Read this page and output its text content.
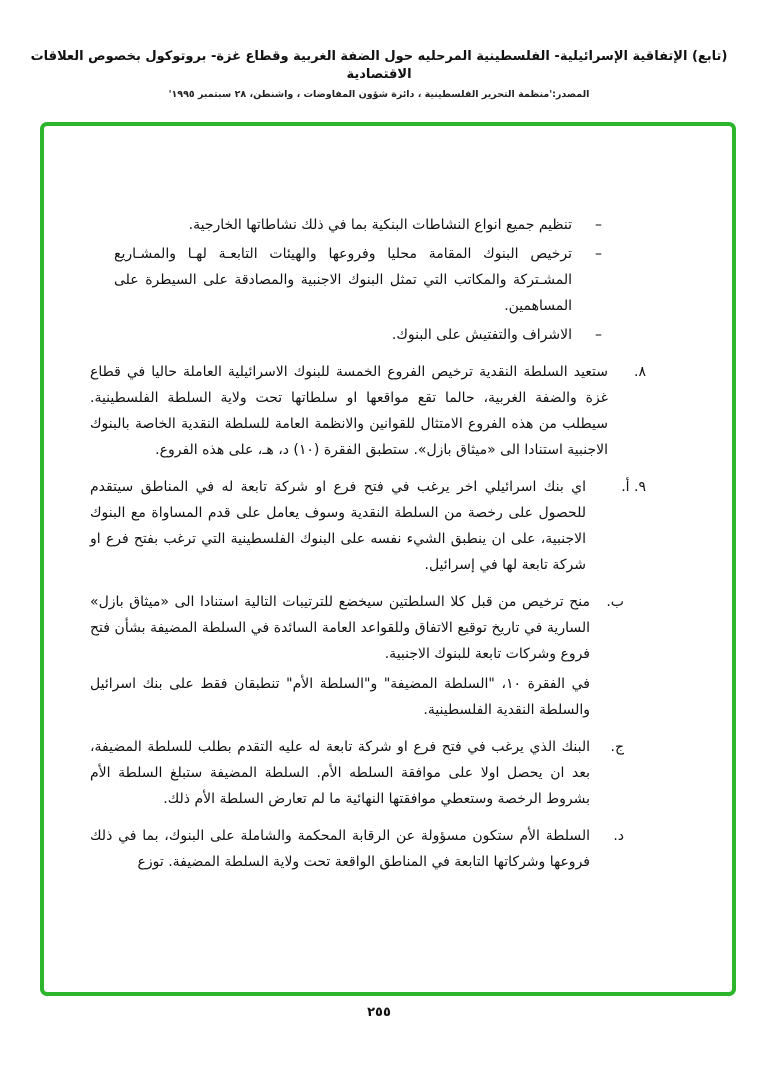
(تابع) الإتفاقية الإسرائيلية- الفلسطينية المرحليه حول الضفة الغربية وقطاع غزة- بروتوكول بخصوص العلاقات الاقتصادية
المصدر:'منظمة التحرير الفلسطينية ، دائرة شؤون المفاوضات ، واشنطن، ٢٨ سبتمبر ١٩٩٥'
–
تنظيم جميع انواع النشاطات البنكية بما في ذلك نشاطاتها الخارجية.
–
ترخيص البنوك المقامة محليا وفروعها والهيئات التابعـة لهـا والمشـاريع المشـتركة والمكاتب التي تمثل البنوك الاجنبية والمصادقة على السيطرة على المساهمين.
–
الاشراف والتفتيش على البنوك.
٨.

ستعيد السلطة النقدية ترخيص الفروع الخمسة للبنوك الاسرائيلية العاملة حاليا في قطاع غزة والضفة الغربية، حالما تقع مواقعها او سلطاتها تحت ولاية السلطة الفلسطينية. سيطلب من هذه الفروع الامتثال للقوانين والانظمة العامة للسلطة النقدية الخاصة بالبنوك الاجنبية استنادا الى «ميثاق بازل». ستطبق الفقرة (١٠) د، هـ، على هذه الفروع.

٩. أ.

اي بنك اسرائيلي اخر يرغب في فتح فرع او شركة تابعة له في المناطق سيتقدم للحصول على رخصة من السلطة النقدية وسوف يعامل على قدم المساواة مع البنوك الاجنبية، على ان ينطبق الشيء نفسه على البنوك الفلسطينية التي ترغب بفتح فرع او شركة تابعة لها في إسرائيل.

ب.

منح ترخيص من قبل كلا السلطتين سيخضع للترتيبات التالية استنادا الى «ميثاق بازل» السارية في تاريخ توقيع الاتفاق وللقواعد العامة السائدة في السلطة المضيفة بشأن فتح فروع وشركات تابعة للبنوك الاجنبية.

في الفقرة ١٠، "السلطة المضيفة" و"السلطة الأم" تنطبقان فقط على بنك اسرائيل والسلطة النقدية الفلسطينية.

ج.

البنك الذي يرغب في فتح فرع او شركة تابعة له عليه التقدم بطلب للسلطة المضيفة، بعد ان يحصل اولا على موافقة السلطه الأم. السلطة المضيفة ستبلغ السلطة الأم بشروط الرخصة وستعطي موافقتها النهائية ما لم تعارض السلطة الأم ذلك.

د.

السلطة الأم ستكون مسؤولة عن الرقابة المحكمة والشاملة على البنوك، بما في ذلك فروعها وشركاتها التابعة في المناطق الواقعة تحت ولاية السلطة المضيفة. توزع

٢٥٥
